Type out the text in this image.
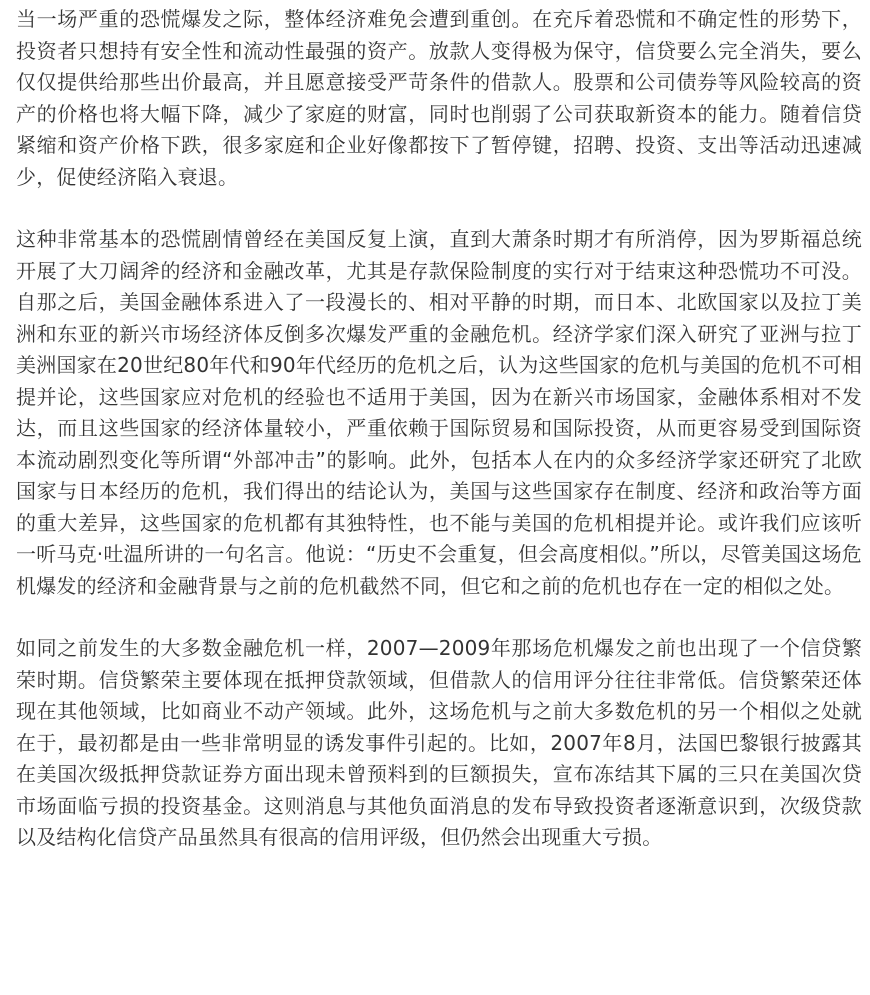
当一场严重的恐慌爆发之际，整体经济难免会遭到重创。在充斥着恐慌和不确定性的形势下，投资者只想持有安全性和流动性最强的资产。放款人变得极为保守，信贷要么完全消失，要么仅仅提供给那些出价最高，并且愿意接受严苛条件的借款人。股票和公司债券等风险较高的资产的价格也将大幅下降，减少了家庭的财富，同时也削弱了公司获取新资本的能力。随着信贷紧缩和资产价格下跌，很多家庭和企业好像都按下了暂停键，招聘、投资、支出等活动迅速减少，促使经济陷入衰退。

这种非常基本的恐慌剧情曾经在美国反复上演，直到大萧条时期才有所消停，因为罗斯福总统开展了大刀阔斧的经济和金融改革，尤其是存款保险制度的实行对于结束这种恐慌功不可没。自那之后，美国金融体系进入了一段漫长的、相对平静的时期，而日本、北欧国家以及拉丁美洲和东亚的新兴市场经济体反倒多次爆发严重的金融危机。经济学家们深入研究了亚洲与拉丁美洲国家在20世纪80年代和90年代经历的危机之后，认为这些国家的危机与美国的危机不可相提并论，这些国家应对危机的经验也不适用于美国，因为在新兴市场国家，金融体系相对不发达，而且这些国家的经济体量较小，严重依赖于国际贸易和国际投资，从而更容易受到国际资本流动剧烈变化等所谓“外部冲击”的影响。此外，包括本人在内的众多经济学家还研究了北欧国家与日本经历的危机，我们得出的结论认为，美国与这些国家存在制度、经济和政治等方面的重大差异，这些国家的危机都有其独特性，也不能与美国的危机相提并论。或许我们应该听一听马克·吐温所讲的一句名言。他说：“历史不会重复，但会高度相似。”所以，尽管美国这场危机爆发的经济和金融背景与之前的危机截然不同，但它和之前的危机也存在一定的相似之处。

如同之前发生的大多数金融危机一样，2007—2009年那场危机爆发之前也出现了一个信贷繁荣时期。信贷繁荣主要体现在抵押贷款领域，但借款人的信用评分往往非常低。信贷繁荣还体现在其他领域，比如商业不动产领域。此外，这场危机与之前大多数危机的另一个相似之处就在于，最初都是由一些非常明显的诱发事件引起的。比如，2007年8月，法国巴黎银行披露其在美国次级抵押贷款证券方面出现未曾预料到的巨额损失，宣布冻结其下属的三只在美国次贷市场面临亏损的投资基金。这则消息与其他负面消息的发布导致投资者逐渐意识到，次级贷款以及结构化信贷产品虽然具有很高的信用评级，但仍然会出现重大亏损。
